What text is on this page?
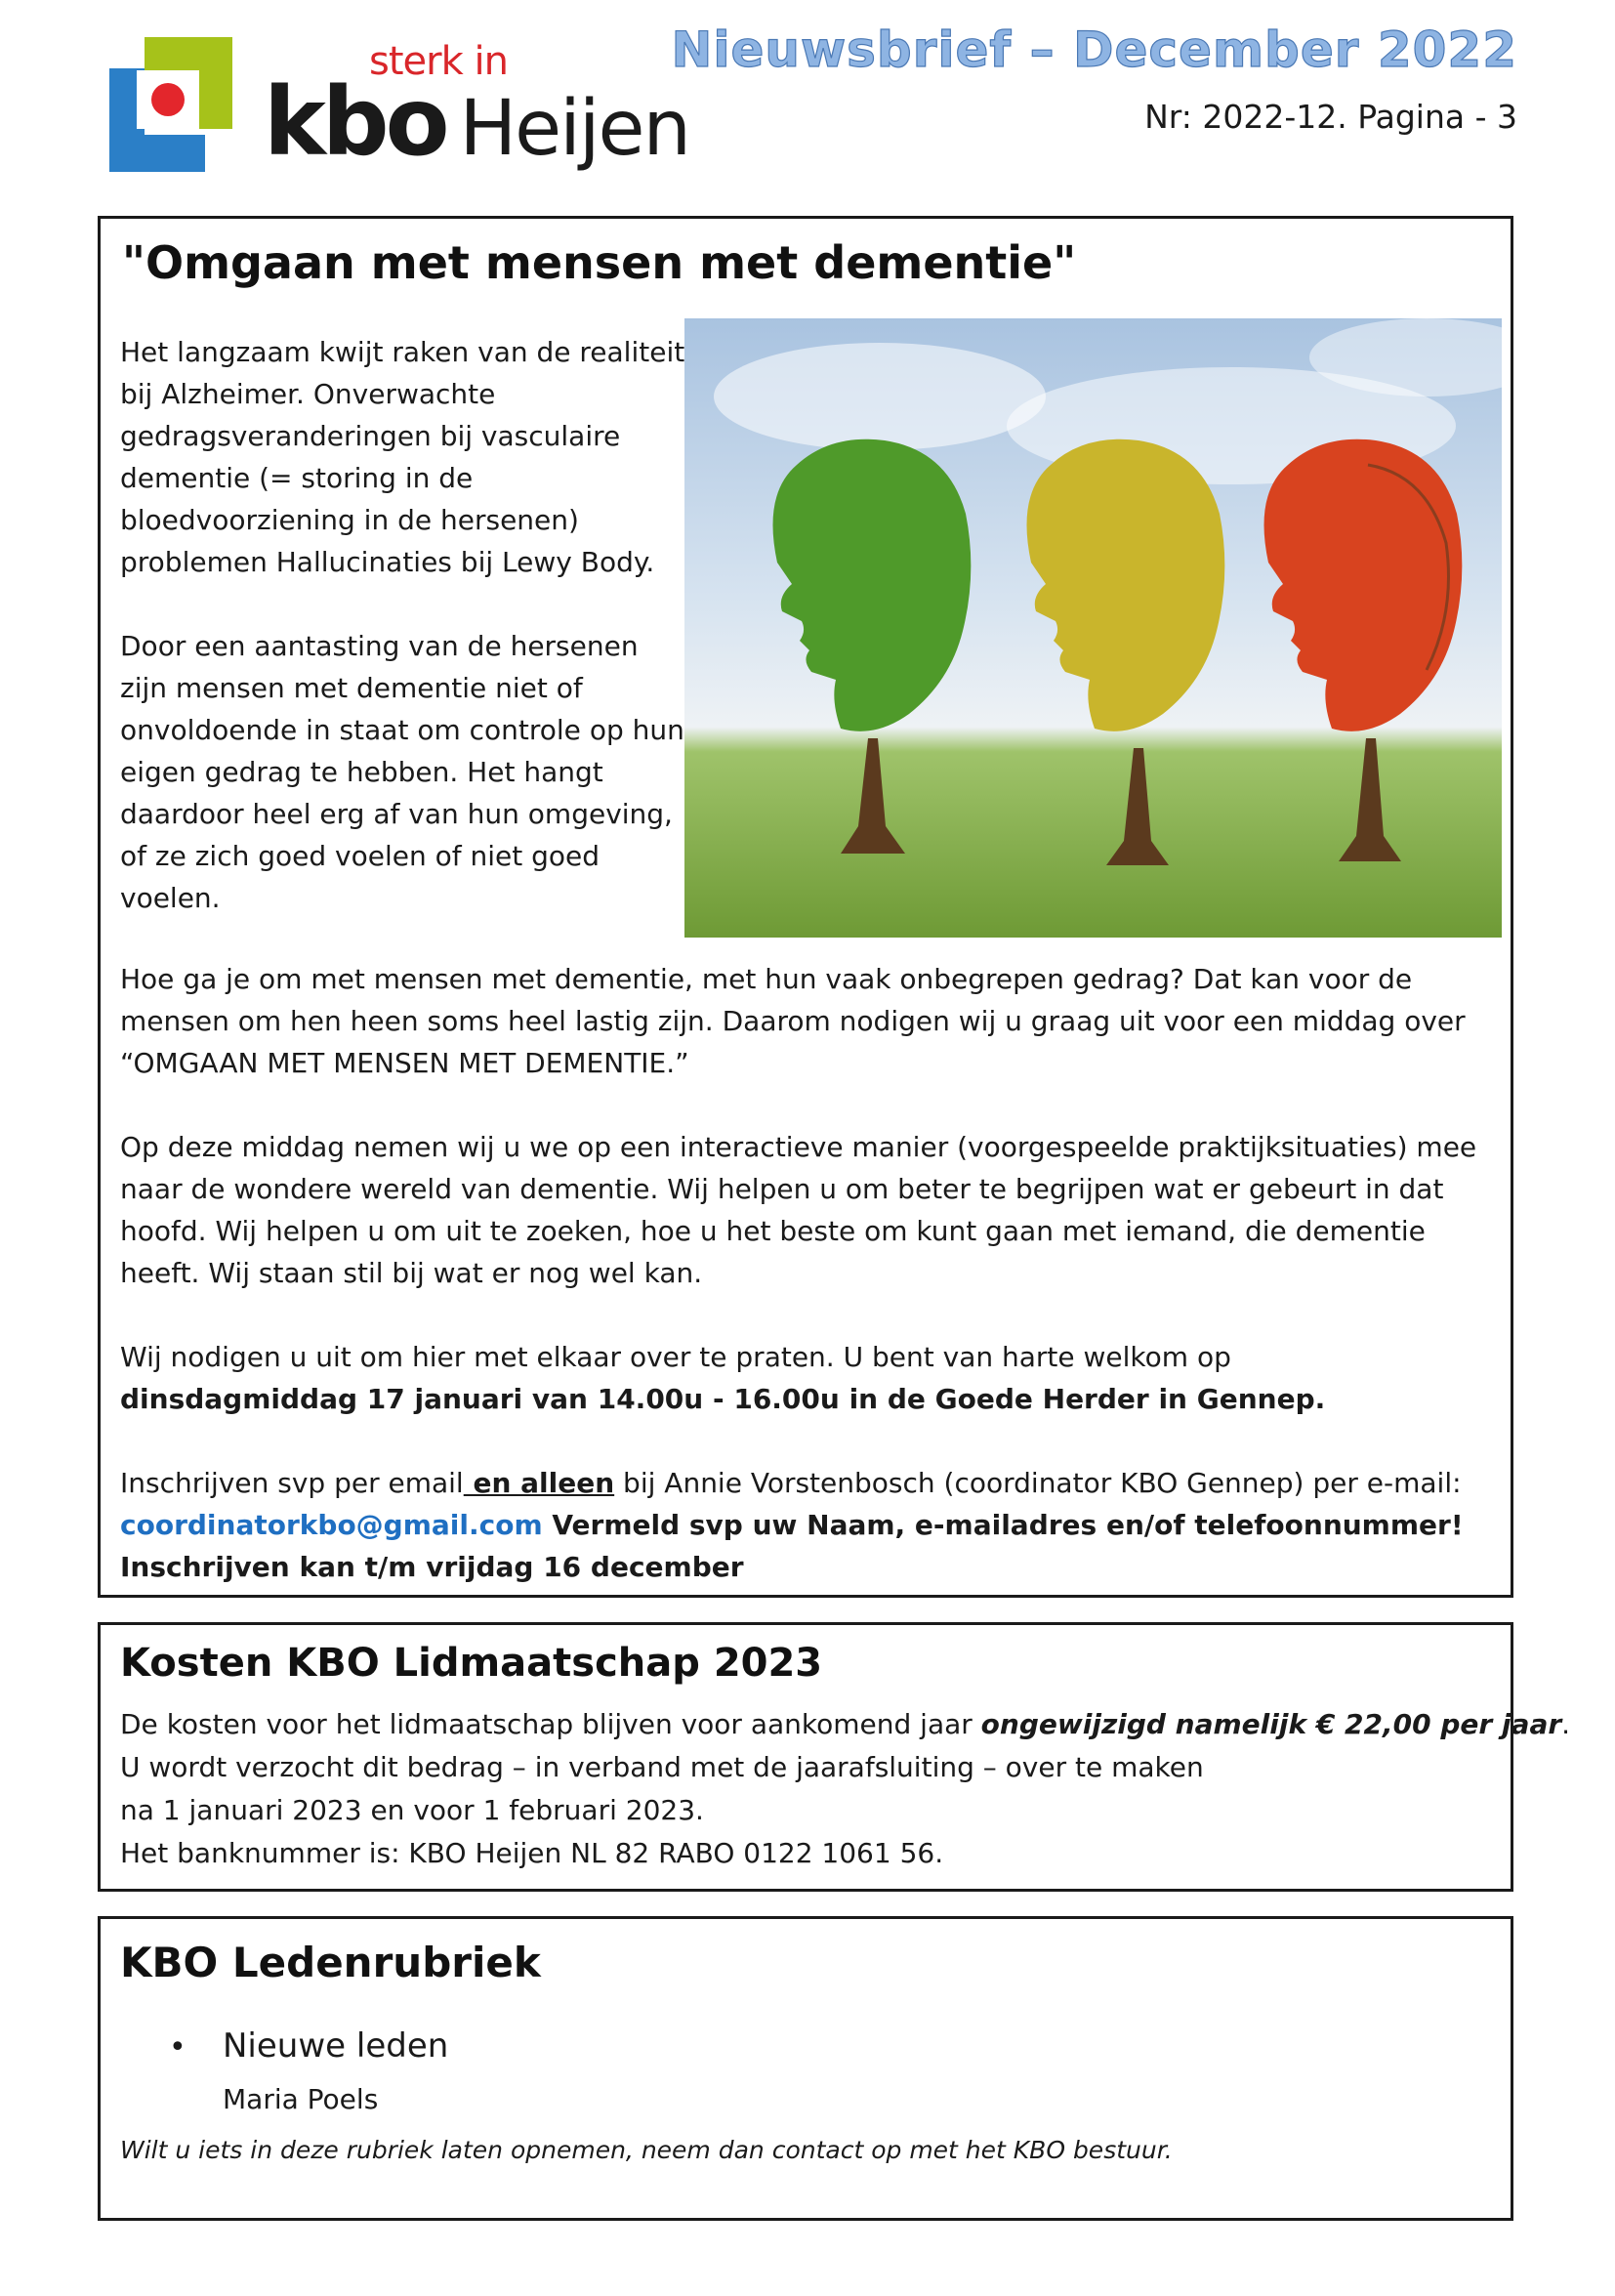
sterk in
kbo Heijen
Nieuwsbrief – December 2022
Nr: 2022-12. Pagina - 3
"Omgaan met mensen met dementie"

Het langzaam kwijt raken van de realiteit bij Alzheimer. Onverwachte gedragsveranderingen bij vasculaire dementie (= storing in de bloedvoorziening in de hersenen) problemen Hallucinaties bij Lewy Body.

Door een aantasting van de hersenen zijn mensen met dementie niet of onvoldoende in staat om controle op hun eigen gedrag te hebben. Het hangt daardoor heel erg af van hun omgeving, of ze zich goed voelen of niet goed voelen.

Hoe ga je om met mensen met dementie, met hun vaak onbegrepen gedrag? Dat kan voor de mensen om hen heen soms heel lastig zijn. Daarom nodigen wij u graag uit voor een middag over “OMGAAN MET MENSEN MET DEMENTIE.”

Op deze middag nemen wij u we op een interactieve manier (voorgespeelde praktijksituaties) mee naar de wondere wereld van dementie. Wij helpen u om beter te begrijpen wat er gebeurt in dat hoofd. Wij helpen u om uit te zoeken, hoe u het beste om kunt gaan met iemand, die dementie heeft. Wij staan stil bij wat er nog wel kan.

Wij nodigen u uit om hier met elkaar over te praten. U bent van harte welkom op
dinsdagmiddag 17 januari van 14.00u - 16.00u in de Goede Herder in Gennep.

Inschrijven svp per email en alleen bij Annie Vorstenbosch (coordinator KBO Gennep) per e-mail: coordinatorkbo@gmail.com Vermeld svp uw Naam, e-mailadres en/of telefoonnummer! Inschrijven kan t/m vrijdag 16 december

Kosten KBO Lidmaatschap 2023
De kosten voor het lidmaatschap blijven voor aankomend jaar ongewijzigd namelijk € 22,00 per jaar.
U wordt verzocht dit bedrag – in verband met de jaarafsluiting – over te maken
na 1 januari 2023 en voor 1 februari 2023.
Het banknummer is: KBO Heijen NL 82 RABO 0122 1061 56.
KBO Ledenrubriek
• Nieuwe leden
Maria Poels
Wilt u iets in deze rubriek laten opnemen, neem dan contact op met het KBO bestuur.
